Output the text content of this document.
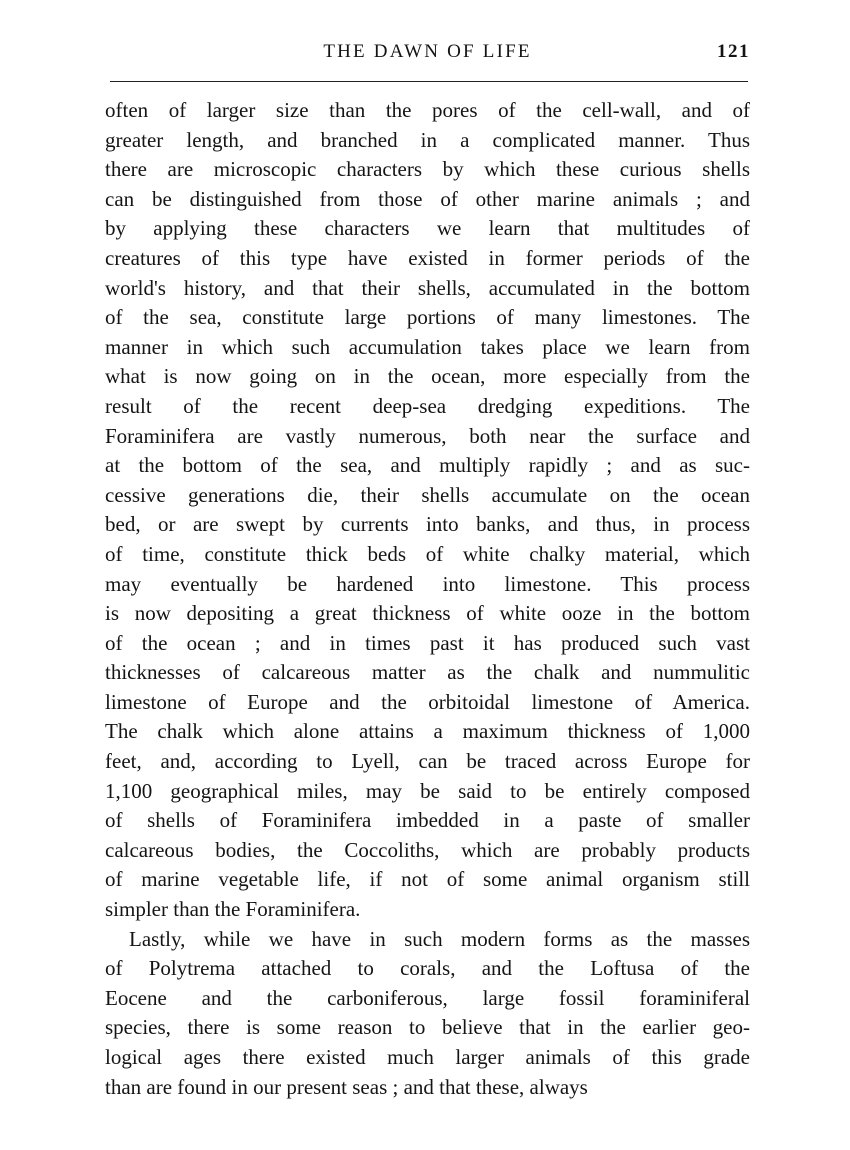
THE DAWN OF LIFE	121
often of larger size than the pores of the cell-wall, and of
greater length, and branched in a complicated manner. Thus
there are microscopic characters by which these curious shells
can be distinguished from those of other marine animals ; and
by applying these characters we learn that multitudes of
creatures of this type have existed in former periods of the
world's history, and that their shells, accumulated in the bottom
of the sea, constitute large portions of many limestones. The
manner in which such accumulation takes place we learn from
what is now going on in the ocean, more especially from the
result of the recent deep-sea dredging expeditions. The
Foraminifera are vastly numerous, both near the surface and
at the bottom of the sea, and multiply rapidly ; and as suc-
cessive generations die, their shells accumulate on the ocean
bed, or are swept by currents into banks, and thus, in process
of time, constitute thick beds of white chalky material, which
may eventually be hardened into limestone. This process
is now depositing a great thickness of white ooze in the bottom
of the ocean ; and in times past it has produced such vast
thicknesses of calcareous matter as the chalk and nummulitic
limestone of Europe and the orbitoidal limestone of America.
The chalk which alone attains a maximum thickness of 1,000
feet, and, according to Lyell, can be traced across Europe for
1,100 geographical miles, may be said to be entirely composed
of shells of Foraminifera imbedded in a paste of smaller
calcareous bodies, the Coccoliths, which are probably products
of marine vegetable life, if not of some animal organism still
simpler than the Foraminifera.
Lastly, while we have in such modern forms as the masses
of Polytrema attached to corals, and the Loftusa of the
Eocene and the carboniferous, large fossil foraminiferal
species, there is some reason to believe that in the earlier geo-
logical ages there existed much larger animals of this grade
than are found in our present seas ; and that these, always
